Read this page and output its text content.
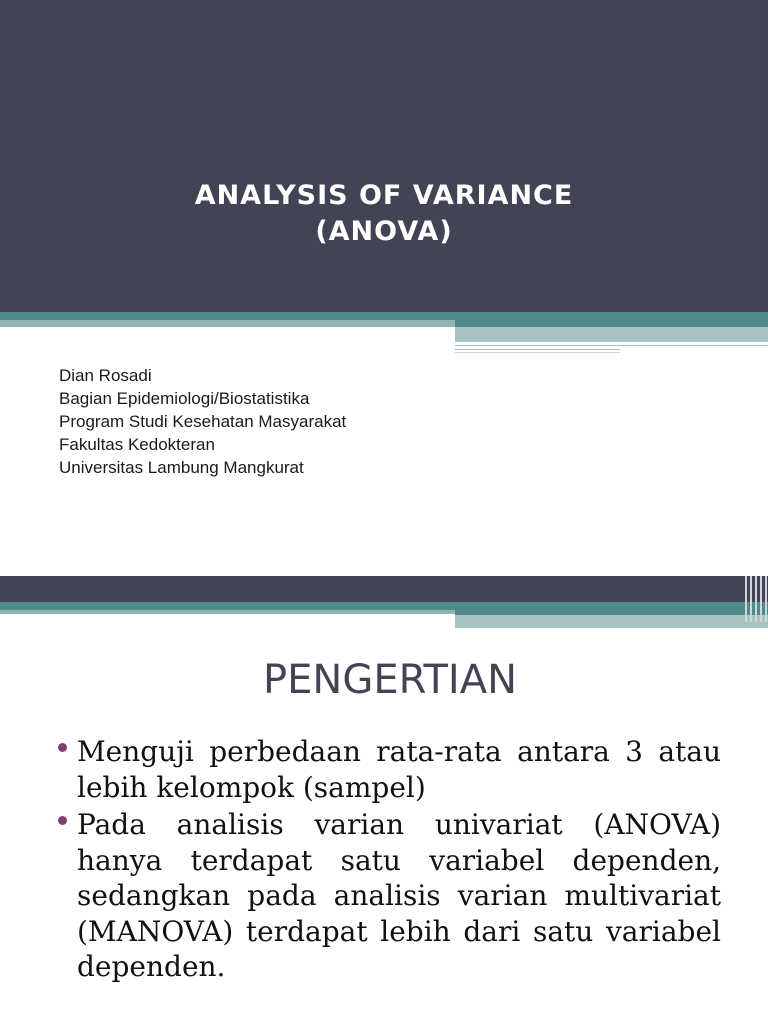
ANALYSIS OF VARIANCE
(ANOVA)
Dian Rosadi
Bagian Epidemiologi/Biostatistika
Program Studi Kesehatan Masyarakat
Fakultas Kedokteran
Universitas Lambung Mangkurat
PENGERTIAN
Menguji perbedaan rata-rata antara 3 atau lebih kelompok (sampel)
Pada analisis varian univariat (ANOVA) hanya terdapat satu variabel dependen, sedangkan pada analisis varian multivariat (MANOVA) terdapat lebih dari satu variabel dependen.
